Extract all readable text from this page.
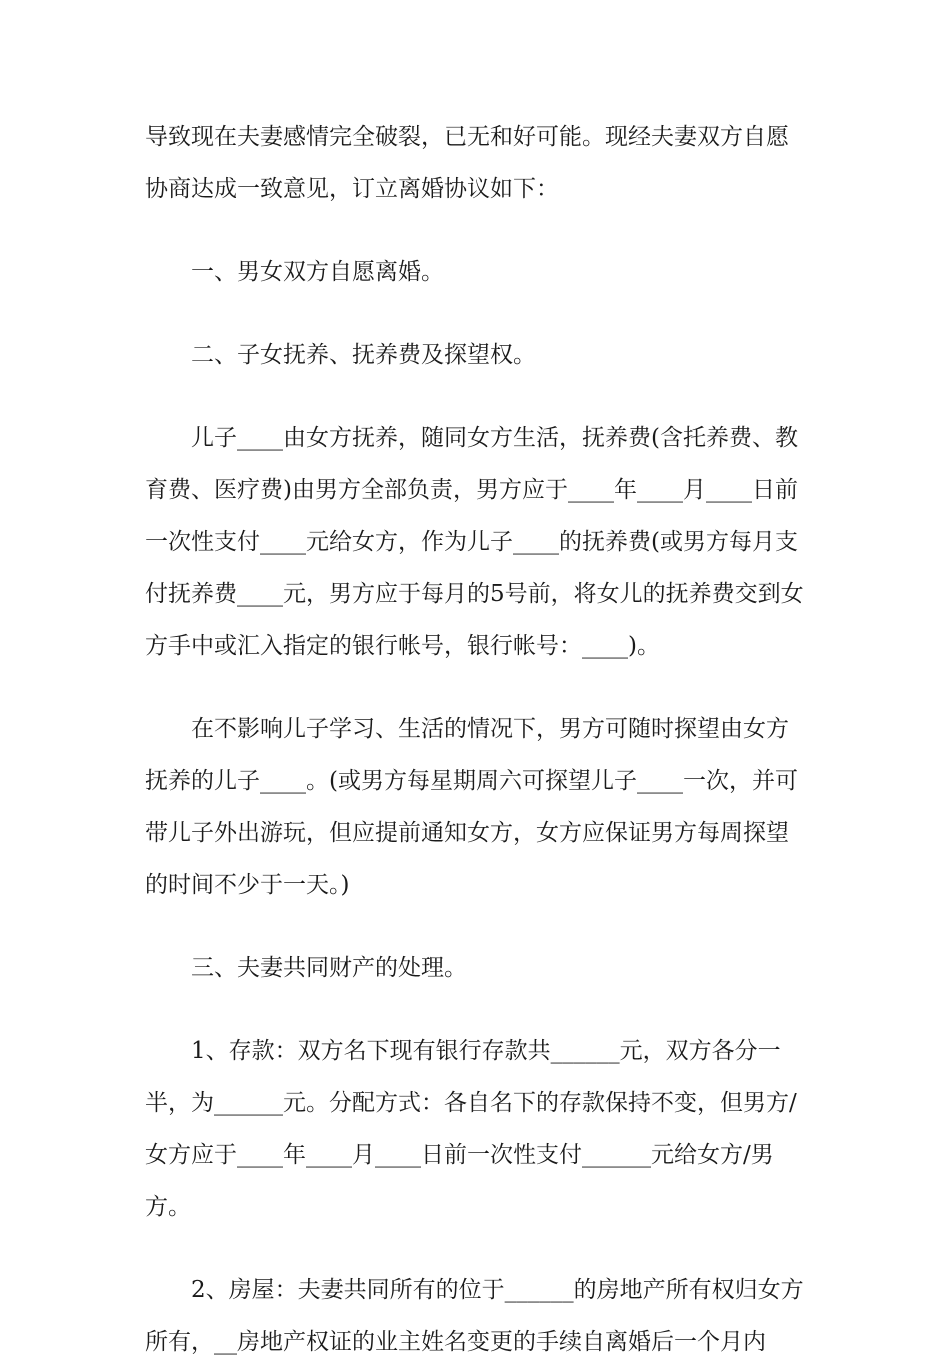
导致现在夫妻感情完全破裂，已无和好可能。现经夫妻双方自愿协商达成一致意见，订立离婚协议如下：

一、男女双方自愿离婚。

二、子女抚养、抚养费及探望权。

儿子____由女方抚养，随同女方生活，抚养费(含托养费、教育费、医疗费)由男方全部负责，男方应于____年____月____日前一次性支付____元给女方，作为儿子____的抚养费(或男方每月支付抚养费____元，男方应于每月的5号前，将女儿的抚养费交到女方手中或汇入指定的银行帐号，银行帐号：____)。

在不影响儿子学习、生活的情况下，男方可随时探望由女方抚养的儿子____。(或男方每星期周六可探望儿子____一次，并可带儿子外出游玩，但应提前通知女方，女方应保证男方每周探望的时间不少于一天。)

三、夫妻共同财产的处理。

1、存款：双方名下现有银行存款共______元，双方各分一半，为______元。分配方式：各自名下的存款保持不变，但男方/女方应于____年____月____日前一次性支付______元给女方/男方。

2、房屋：夫妻共同所有的位于______的房地产所有权归女方所有，__房地产权证的业主姓名变更的手续自离婚后一个月内
